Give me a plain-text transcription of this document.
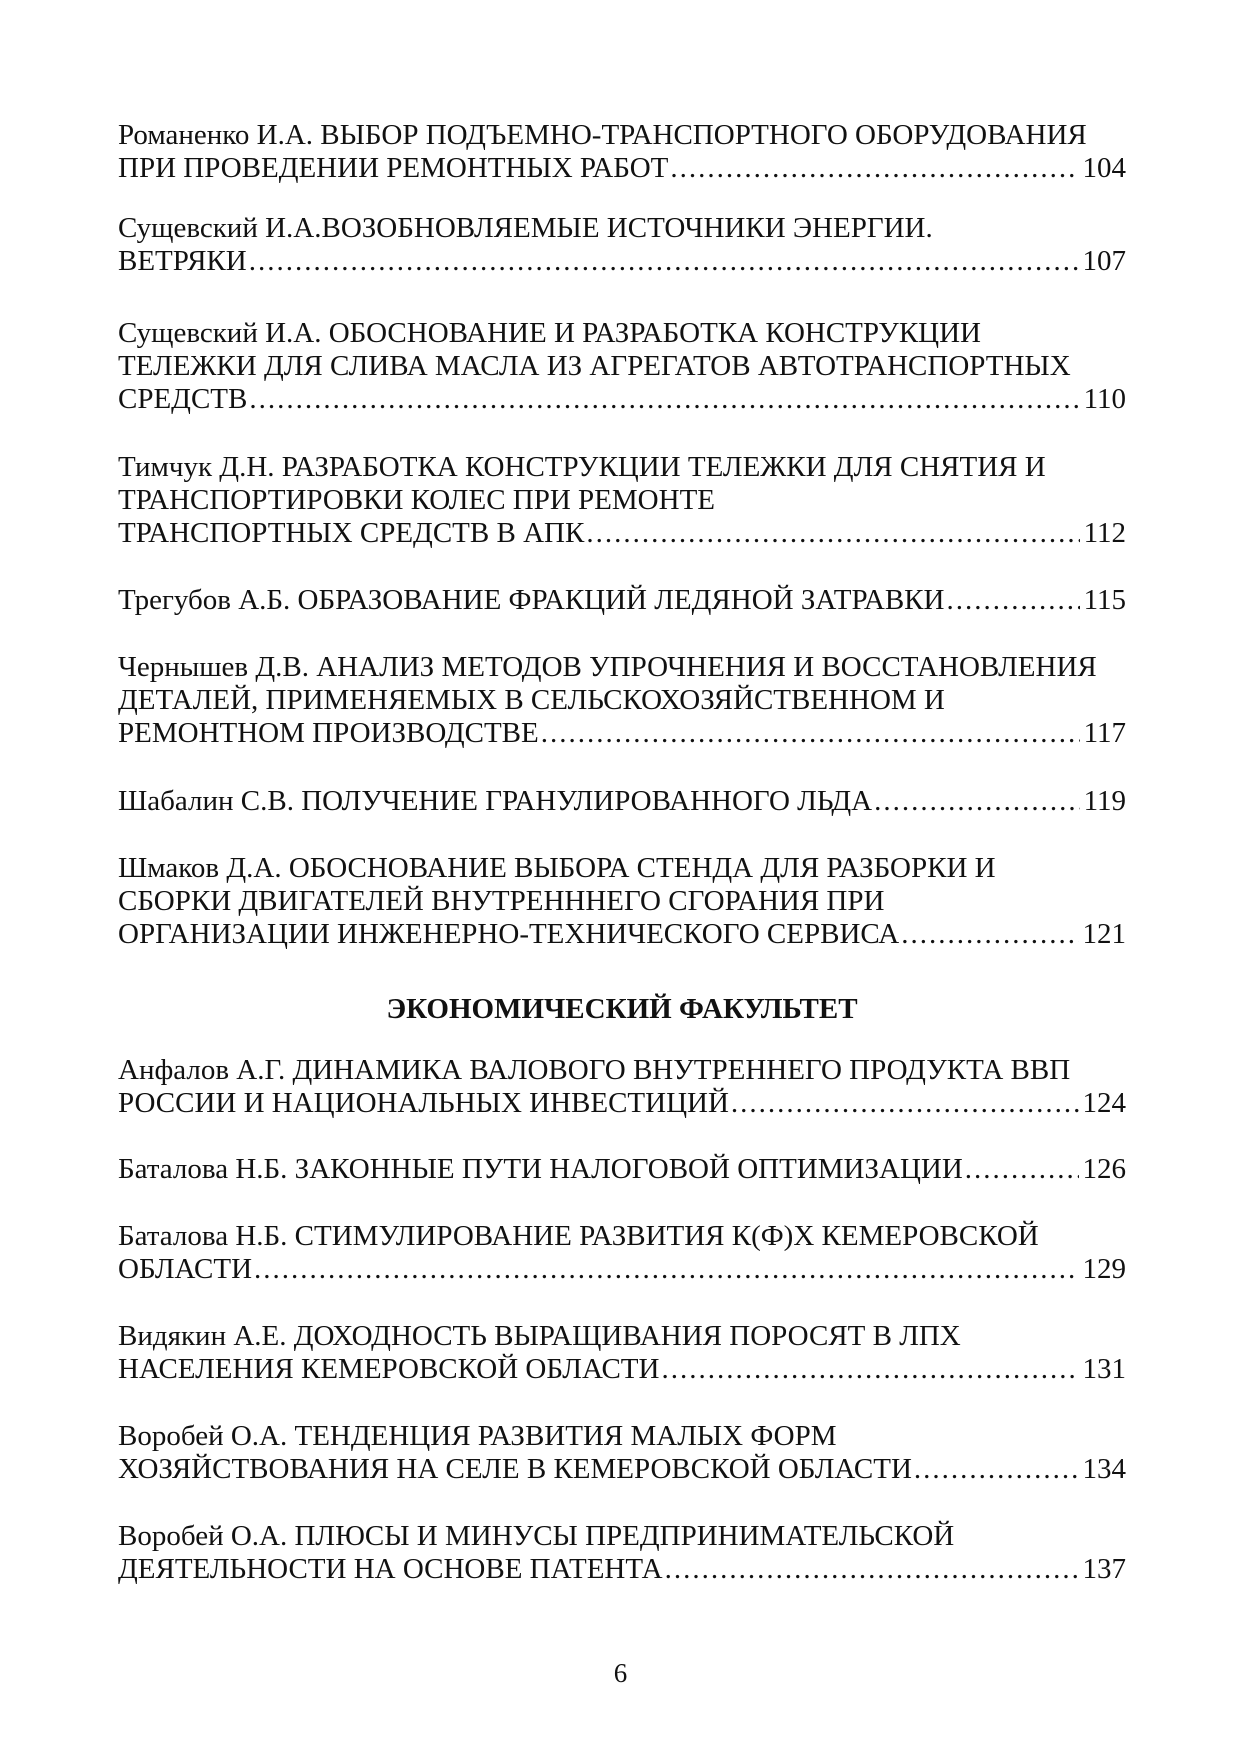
Романенко И.А. ВЫБОР ПОДЪЕМНО-ТРАНСПОРТНОГО ОБОРУДОВАНИЯ
ПРИ ПРОВЕДЕНИИ РЕМОНТНЫХ РАБОТ .....	104
Сущевский И.А.ВОЗОБНОВЛЯЕМЫЕ ИСТОЧНИКИ ЭНЕРГИИ.
ВЕТРЯКИ .....	107
Сущевский И.А. ОБОСНОВАНИЕ И РАЗРАБОТКА КОНСТРУКЦИИ
ТЕЛЕЖКИ ДЛЯ СЛИВА МАСЛА ИЗ АГРЕГАТОВ АВТОТРАНСПОРТНЫХ
СРЕДСТВ .....	110
Тимчук Д.Н. РАЗРАБОТКА КОНСТРУКЦИИ ТЕЛЕЖКИ ДЛЯ СНЯТИЯ И
ТРАНСПОРТИРОВКИ КОЛЕС ПРИ РЕМОНТЕ
ТРАНСПОРТНЫХ СРЕДСТВ В АПК .....	112
Трегубов А.Б. ОБРАЗОВАНИЕ ФРАКЦИЙ ЛЕДЯНОЙ ЗАТРАВКИ .....	115
Чернышев Д.В. АНАЛИЗ МЕТОДОВ УПРОЧНЕНИЯ И ВОССТАНОВЛЕНИЯ
ДЕТАЛЕЙ, ПРИМЕНЯЕМЫХ В СЕЛЬСКОХОЗЯЙСТВЕННОМ И
РЕМОНТНОМ ПРОИЗВОДСТВЕ .....	117
Шабалин С.В. ПОЛУЧЕНИЕ ГРАНУЛИРОВАННОГО ЛЬДА .....	119
Шмаков Д.А. ОБОСНОВАНИЕ ВЫБОРА СТЕНДА ДЛЯ РАЗБОРКИ И
СБОРКИ ДВИГАТЕЛЕЙ ВНУТРЕНННЕГО СГОРАНИЯ ПРИ
ОРГАНИЗАЦИИ ИНЖЕНЕРНО-ТЕХНИЧЕСКОГО СЕРВИСА .....	121
ЭКОНОМИЧЕСКИЙ ФАКУЛЬТЕТ
Анфалов А.Г. ДИНАМИКА ВАЛОВОГО ВНУТРЕННЕГО ПРОДУКТА ВВП
РОССИИ И НАЦИОНАЛЬНЫХ ИНВЕСТИЦИЙ .....	124
Баталова Н.Б. ЗАКОННЫЕ ПУТИ НАЛОГОВОЙ ОПТИМИЗАЦИИ .....	126
Баталова Н.Б. СТИМУЛИРОВАНИЕ РАЗВИТИЯ К(Ф)Х КЕМЕРОВСКОЙ
ОБЛАСТИ .....	129
Видякин А.Е. ДОХОДНОСТЬ ВЫРАЩИВАНИЯ ПОРОСЯТ В ЛПХ
НАСЕЛЕНИЯ КЕМЕРОВСКОЙ ОБЛАСТИ .....	131
Воробей О.А. ТЕНДЕНЦИЯ РАЗВИТИЯ МАЛЫХ ФОРМ
ХОЗЯЙСТВОВАНИЯ НА СЕЛЕ В КЕМЕРОВСКОЙ ОБЛАСТИ .....	134
Воробей О.А. ПЛЮСЫ И МИНУСЫ ПРЕДПРИНИМАТЕЛЬСКОЙ
ДЕЯТЕЛЬНОСТИ НА ОСНОВЕ ПАТЕНТА .....	137
6
